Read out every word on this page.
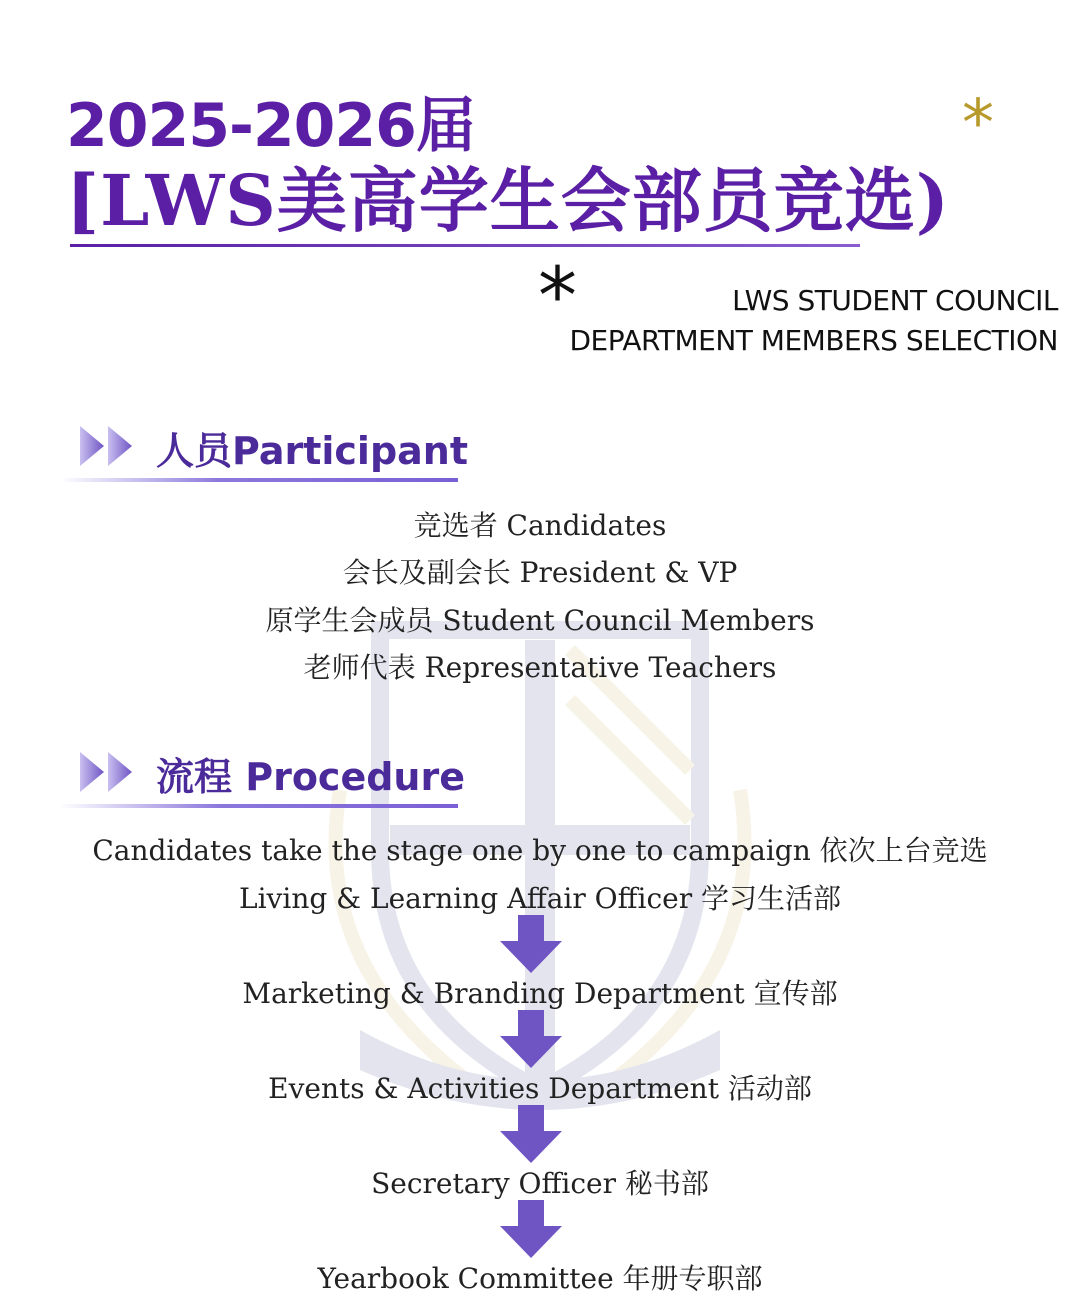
2025-2026届
[LWS美高学生会部员竞选)
*
*	LWS STUDENT COUNCIL
DEPARTMENT MEMBERS SELECTION
人员Participant
竞选者 Candidates
会长及副会长 President & VP
原学生会成员 Student Council Members
老师代表 Representative Teachers
流程 Procedure
Candidates take the stage one by one to campaign 依次上台竞选
Living & Learning Affair Officer 学习生活部
Marketing & Branding Department 宣传部
Events & Activities Department 活动部
Secretary Officer 秘书部
Yearbook Committee 年册专职部
